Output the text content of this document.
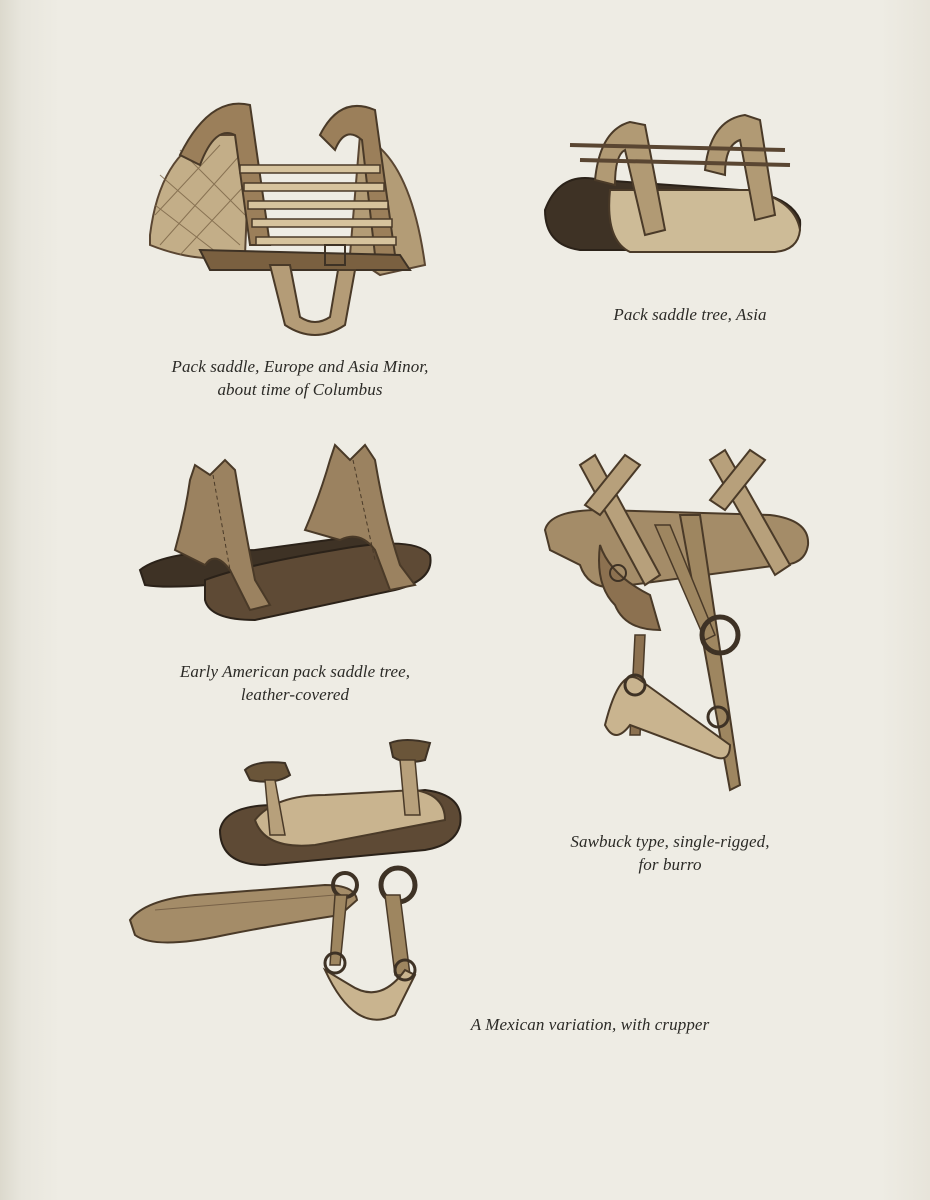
Pack saddle, Europe and Asia Minor,
about time of Columbus
Pack saddle tree, Asia
Early American pack saddle tree,
leather-covered
Sawbuck type, single-rigged,
for burro
A Mexican variation, with crupper
